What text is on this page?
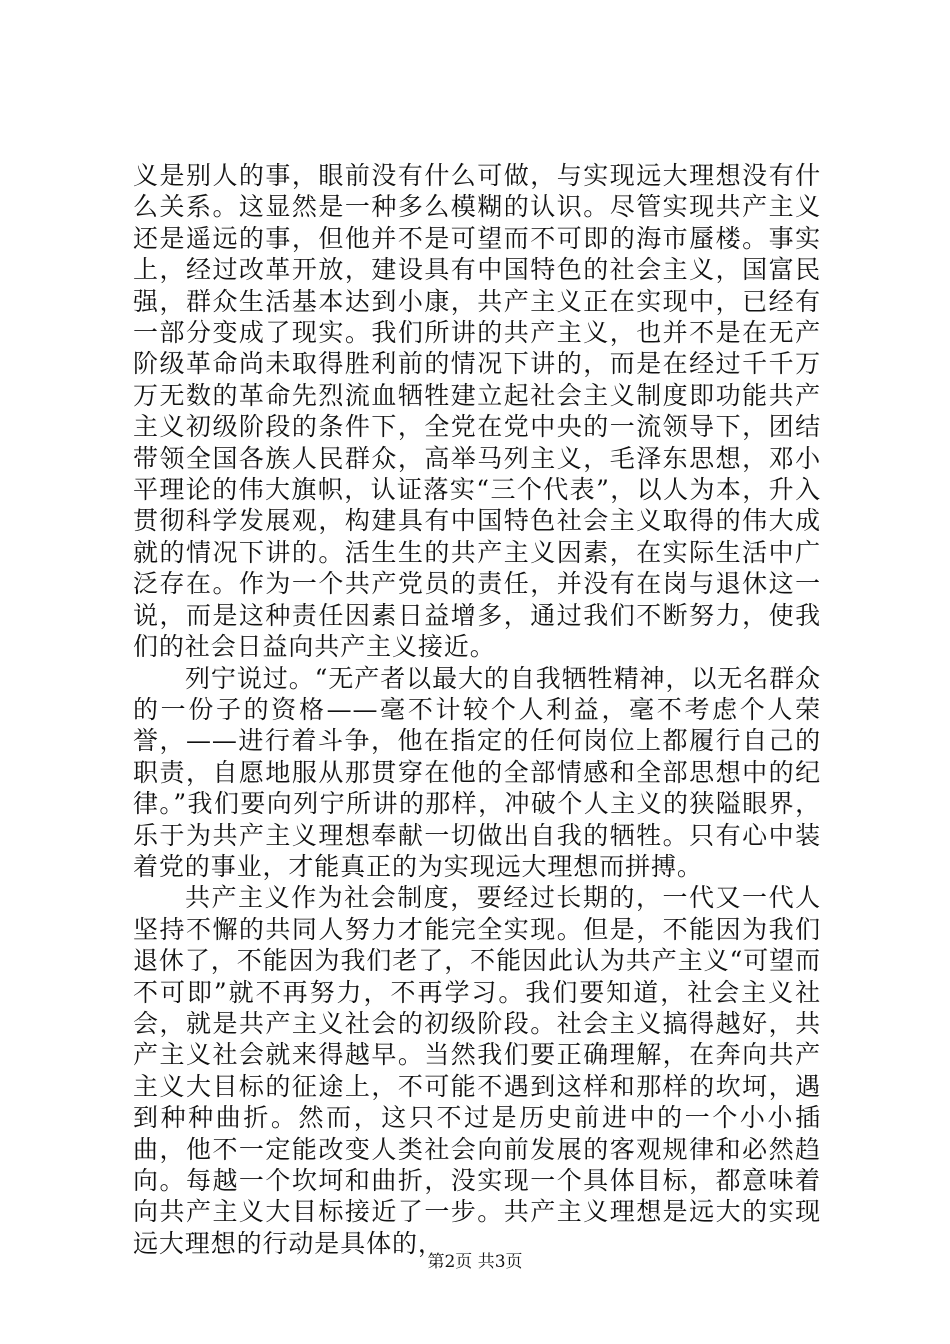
义是别人的事，眼前没有什么可做，与实现远大理想没有什么关系。这显然是一种多么模糊的认识。尽管实现共产主义还是遥远的事，但他并不是可望而不可即的海市蜃楼。事实上，经过改革开放，建设具有中国特色的社会主义，国富民强，群众生活基本达到小康，共产主义正在实现中，已经有一部分变成了现实。我们所讲的共产主义，也并不是在无产阶级革命尚未取得胜利前的情况下讲的，而是在经过千千万万无数的革命先烈流血牺牲建立起社会主义制度即功能共产主义初级阶段的条件下，全党在党中央的一流领导下，团结带领全国各族人民群众，高举马列主义，毛泽东思想，邓小平理论的伟大旗帜，认证落实“三个代表”，以人为本，升入贯彻科学发展观，构建具有中国特色社会主义取得的伟大成就的情况下讲的。活生生的共产主义因素，在实际生活中广泛存在。作为一个共产党员的责任，并没有在岗与退休这一说，而是这种责任因素日益增多，通过我们不断努力，使我们的社会日益向共产主义接近。

列宁说过。“无产者以最大的自我牺牲精神，以无名群众的一份子的资格——毫不计较个人利益，毫不考虑个人荣誉，——进行着斗争，他在指定的任何岗位上都履行自己的职责，自愿地服从那贯穿在他的全部情感和全部思想中的纪律。”我们要向列宁所讲的那样，冲破个人主义的狭隘眼界，乐于为共产主义理想奉献一切做出自我的牺牲。只有心中装着党的事业，才能真正的为实现远大理想而拼搏。

共产主义作为社会制度，要经过长期的，一代又一代人坚持不懈的共同人努力才能完全实现。但是，不能因为我们退休了，不能因为我们老了，不能因此认为共产主义“可望而不可即”就不再努力，不再学习。我们要知道，社会主义社会，就是共产主义社会的初级阶段。社会主义搞得越好，共产主义社会就来得越早。当然我们要正确理解，在奔向共产主义大目标的征途上，不可能不遇到这样和那样的坎坷，遇到种种曲折。然而，这只不过是历史前进中的一个小小插曲，他不一定能改变人类社会向前发展的客观规律和必然趋向。每越一个坎坷和曲折，没实现一个具体目标，都意味着向共产主义大目标接近了一步。共产主义理想是远大的实现远大理想的行动是具体的，

第2页 共3页
